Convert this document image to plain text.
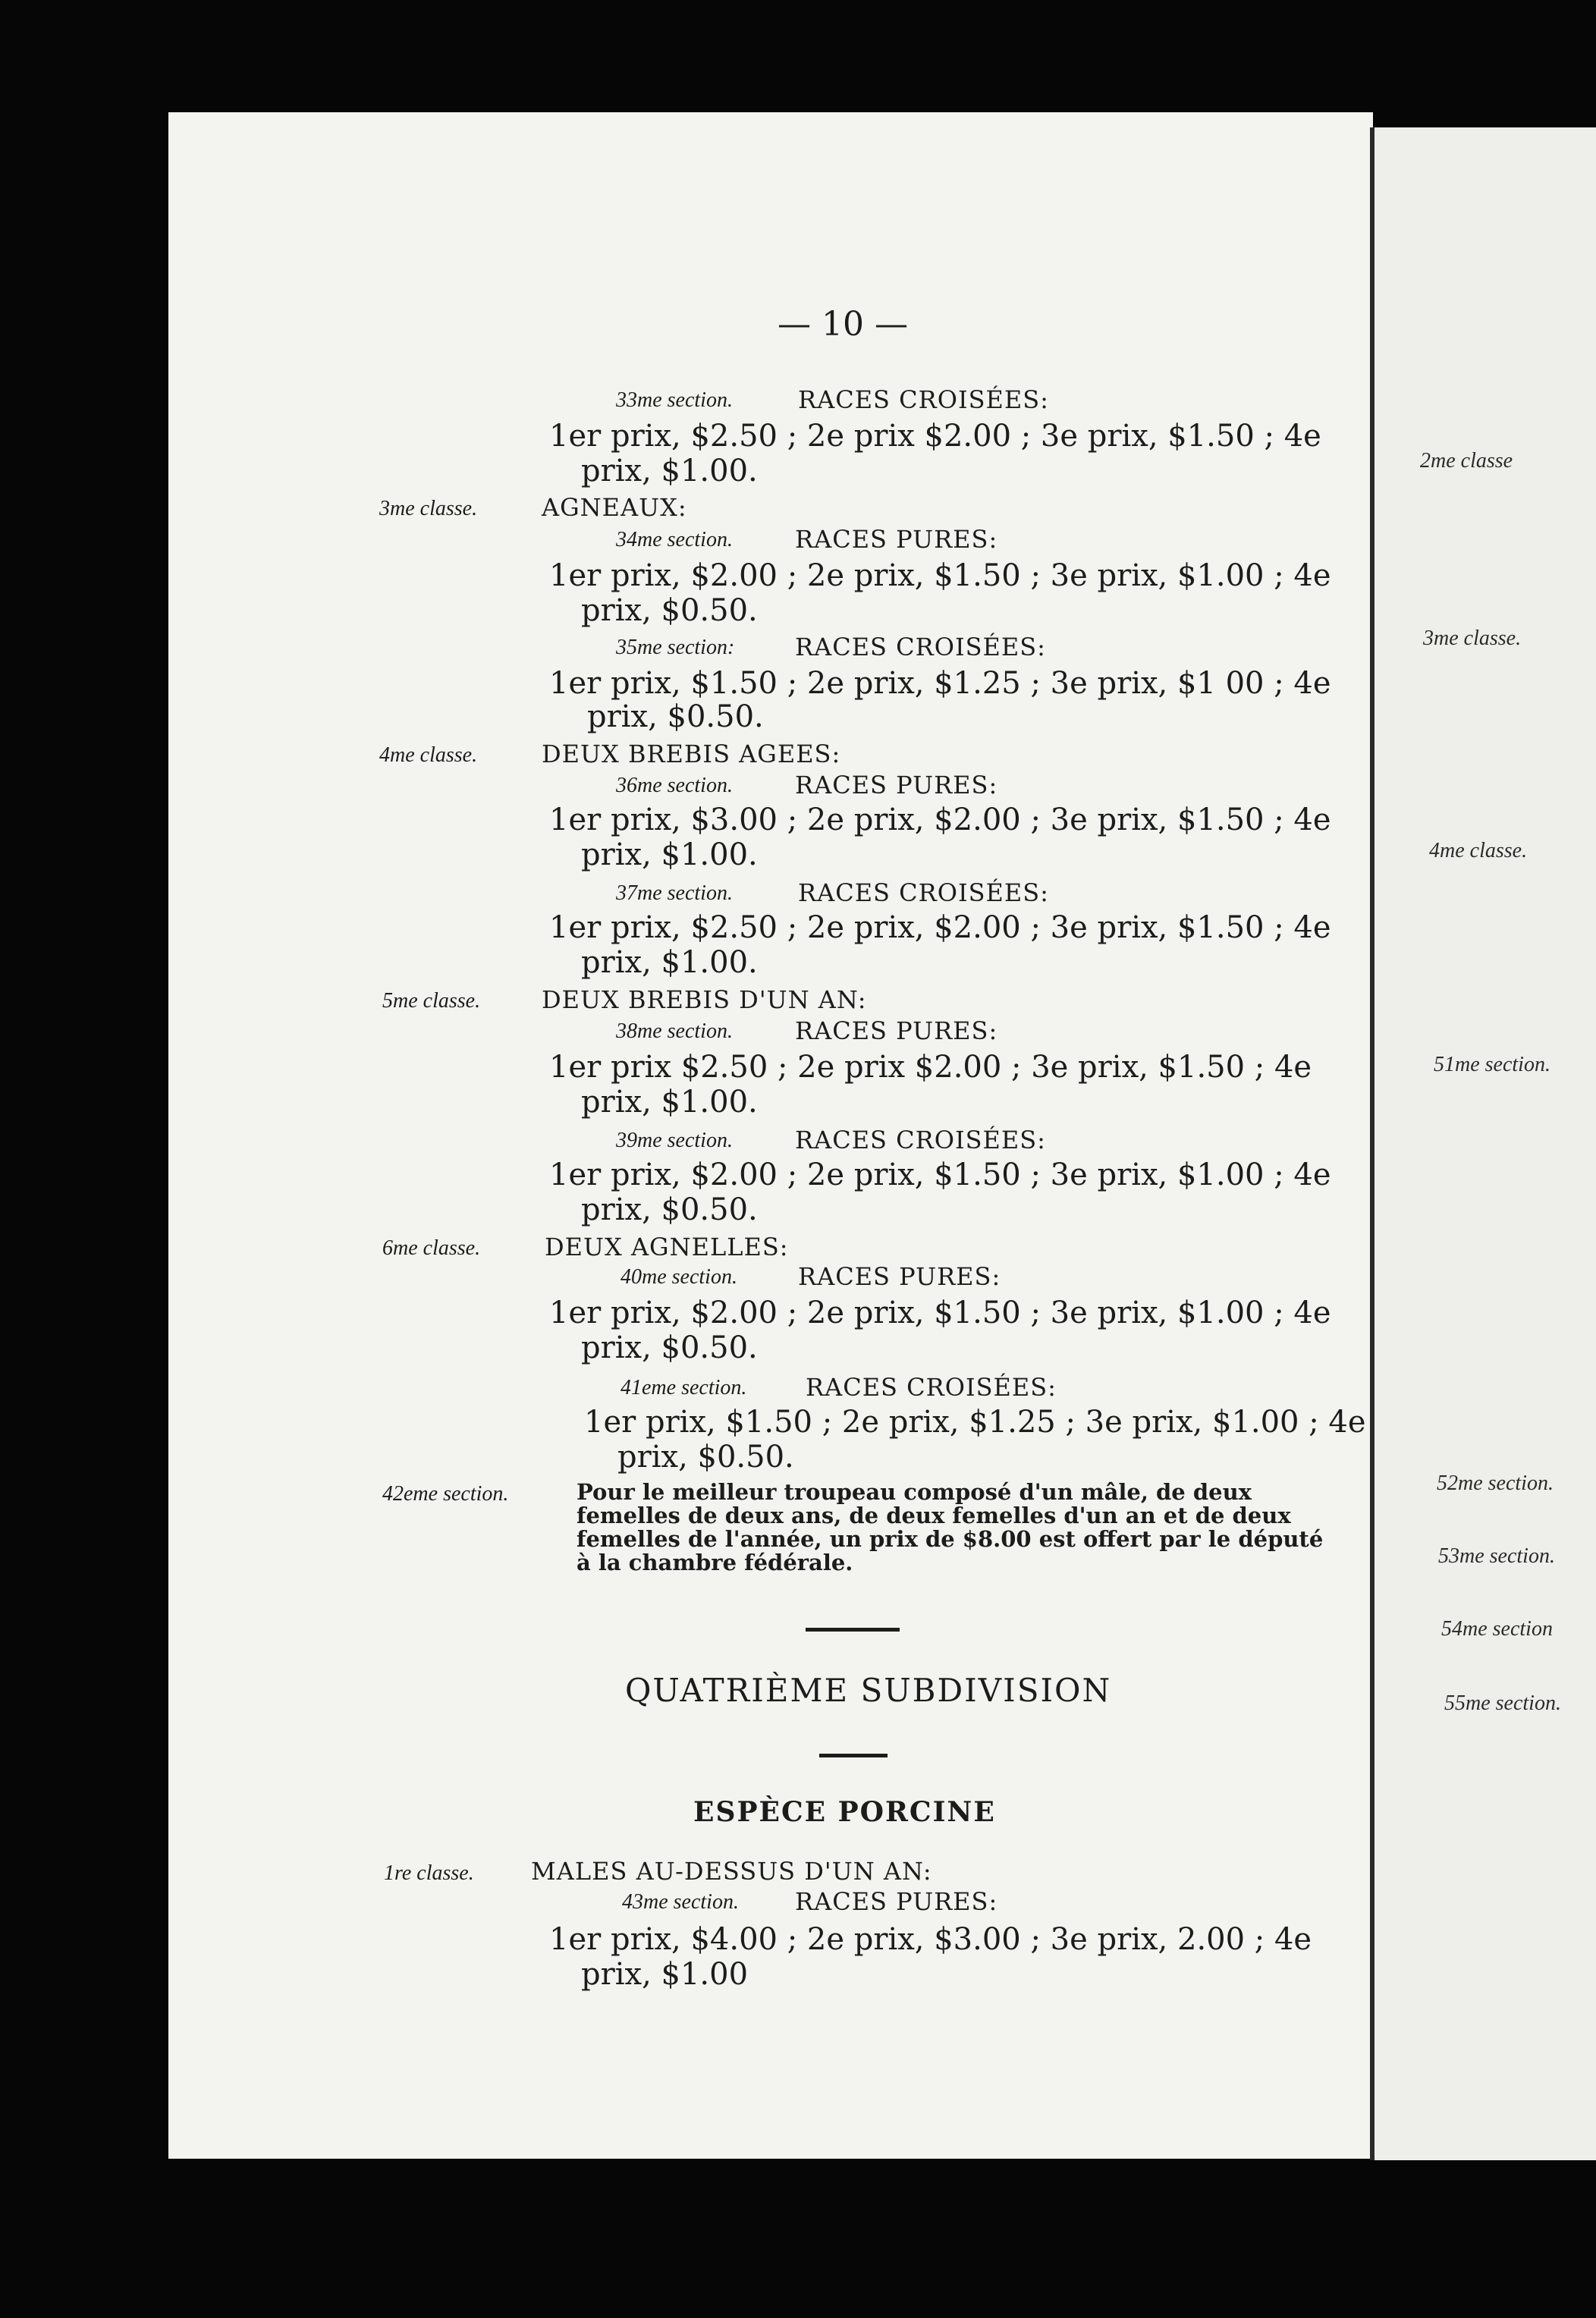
— 10 —
33me section.	RACES CROISÉES:
1er prix, $2.50 ; 2e prix $2.00 ; 3e prix, $1.50 ; 4e
prix, $1.00.
3me classe.	AGNEAUX:
34me section.	RACES PURES:
1er prix, $2.00 ; 2e prix, $1.50 ; 3e prix, $1.00 ; 4e
prix, $0.50.
35me section: RACES CROISÉES:
1er prix, $1.50 ; 2e prix, $1.25 ; 3e prix, $1 00 ; 4e
prix, $0.50.
4me classe.	DEUX BREBIS AGEES:
36me section.	RACES PURES:
1er prix, $3.00 ; 2e prix, $2.00 ; 3e prix, $1.50 ; 4e
prix, $1.00.
37me section.	RACES CROISÉES:
1er prix, $2.50 ; 2e prix, $2.00 ; 3e prix, $1.50 ; 4e
prix, $1.00.
5me classe.	DEUX BREBIS D'UN AN:
38me section.	RACES PURES:
1er prix $2.50 ; 2e prix $2.00 ; 3e prix, $1.50 ; 4e
prix, $1.00.
39me section.	RACES CROISÉES:
1er prix, $2.00 ; 2e prix, $1.50 ; 3e prix, $1.00 ; 4e
prix, $0.50.
6me classe.	DEUX AGNELLES:
40me section.	RACES PURES:
1er prix, $2.00 ; 2e prix, $1.50 ; 3e prix, $1.00 ; 4e
prix, $0.50.
41eme section. RACES CROISÉES:
1er prix, $1.50 ; 2e prix, $1.25 ; 3e prix, $1.00 ; 4e
prix, $0.50.
42eme section.	Pour le meilleur troupeau composé d'un mâle, de deux femelles de deux ans, de deux femelles d'un an et de deux femelles de l'année, un prix de $8.00 est offert par le député à la chambre fédérale.
QUATRIÈME SUBDIVISION
ESPÈCE PORCINE
1re classe. MALES AU-DESSUS D'UN AN:
43me section. RACES PURES:
1er prix, $4.00 ; 2e prix, $3.00 ; 3e prix, 2.00 ; 4e
prix, $1.00
2me classe
3me classe.
4me classe.
51me section.
52me section.
53me section.
54me section
55me section.
